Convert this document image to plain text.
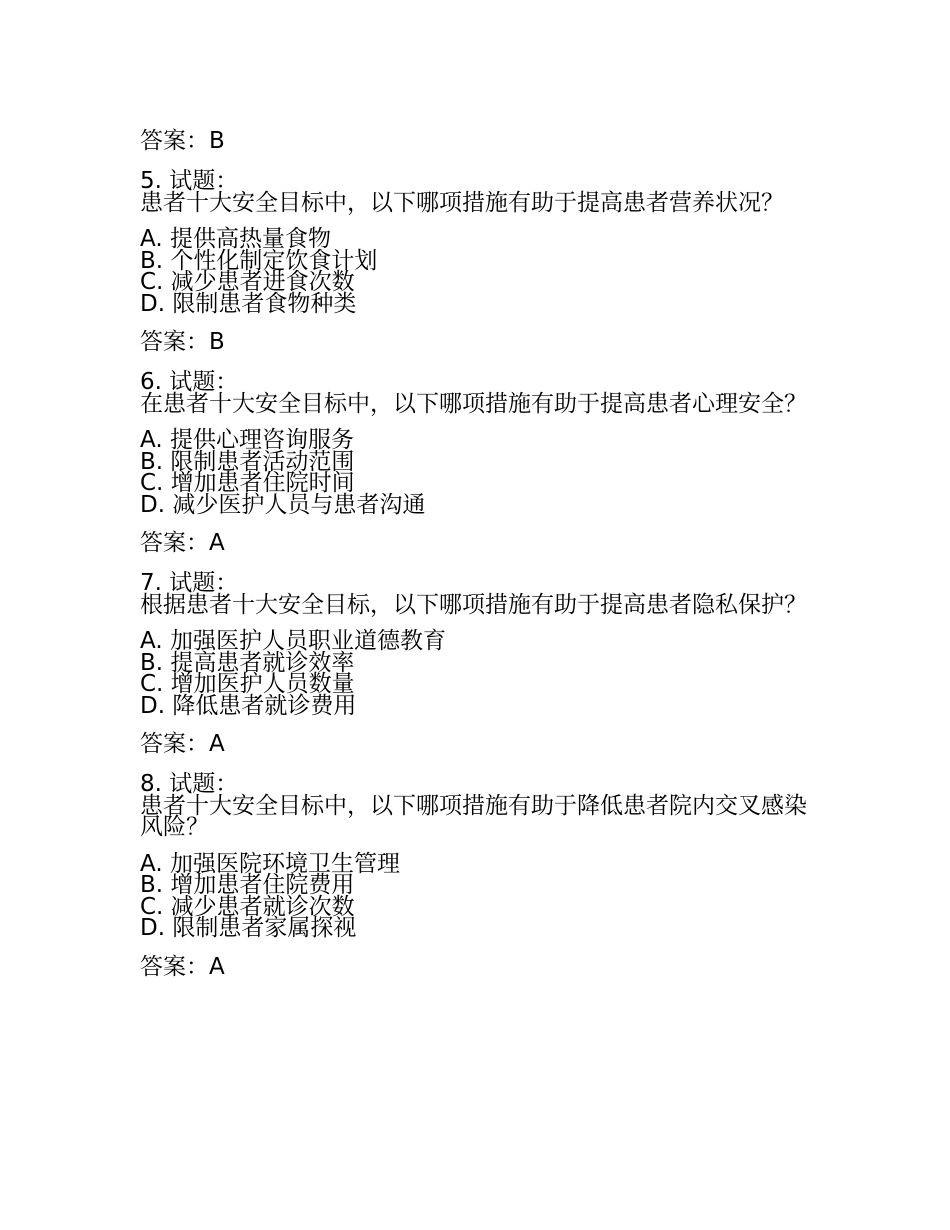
答案：B
5. 试题：
患者十大安全目标中，以下哪项措施有助于提高患者营养状况？
A. 提供高热量食物
B. 个性化制定饮食计划
C. 减少患者进食次数
D. 限制患者食物种类
答案：B
6. 试题：
在患者十大安全目标中，以下哪项措施有助于提高患者心理安全？
A. 提供心理咨询服务
B. 限制患者活动范围
C. 增加患者住院时间
D. 减少医护人员与患者沟通
答案：A
7. 试题：
根据患者十大安全目标，以下哪项措施有助于提高患者隐私保护？
A. 加强医护人员职业道德教育
B. 提高患者就诊效率
C. 增加医护人员数量
D. 降低患者就诊费用
答案：A
8. 试题：
患者十大安全目标中，以下哪项措施有助于降低患者院内交叉感染风险？
A. 加强医院环境卫生管理
B. 增加患者住院费用
C. 减少患者就诊次数
D. 限制患者家属探视
答案：A
